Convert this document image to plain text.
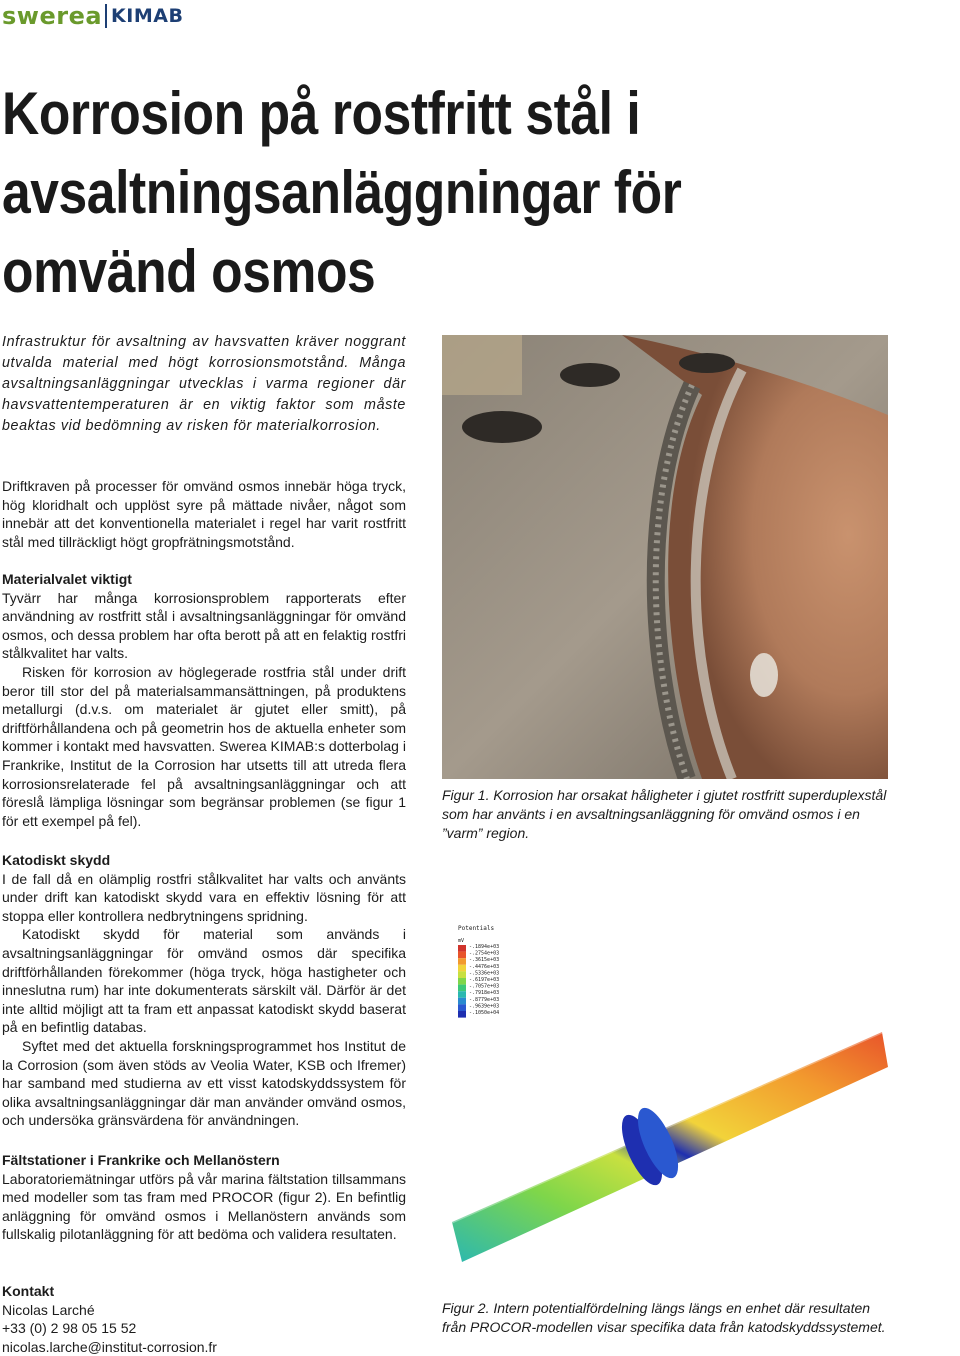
swerea KIMAB
Korrosion på rostfritt stål i avsaltningsanläggningar för omvänd osmos

Infrastruktur för avsaltning av havsvatten kräver noggrant utvalda material med högt korrosionsmotstånd. Många avsaltningsanläggningar utvecklas i varma regioner där havsvattentemperaturen är en viktig faktor som måste beaktas vid bedömning av risken för materialkorrosion.

Driftkraven på processer för omvänd osmos innebär höga tryck, hög kloridhalt och upplöst syre på mättade nivåer, något som innebär att det konventionella materialet i regel har varit rostfritt stål med tillräckligt högt gropfrätningsmotstånd.

Materialvalet viktigt

Tyvärr har många korrosionsproblem rapporterats efter användning av rostfritt stål i avsaltningsanläggningar för omvänd osmos, och dessa problem har ofta berott på att en felaktig rostfri stålkvalitet har valts.

Risken för korrosion av höglegerade rostfria stål under drift beror till stor del på materialsammansättningen, på produktens metallurgi (d.v.s. om materialet är gjutet eller smitt), på driftförhållandena och på geometrin hos de aktuella enheter som kommer i kontakt med havsvatten. Swerea KIMAB:s dotterbolag i Frankrike, Institut de la Corrosion har utsetts till att utreda flera korrosionsrelaterade fel på avsaltningsanläggningar och att föreslå lämpliga lösningar som begränsar problemen (se figur 1 för ett exempel på fel).

Katodiskt skydd

I de fall då en olämplig rostfri stålkvalitet har valts och använts under drift kan katodiskt skydd vara en effektiv lösning för att stoppa eller kontrollera nedbrytningens spridning.

Katodiskt skydd för material som används i avsaltningsanläggningar för omvänd osmos där specifika driftförhållanden förekommer (höga tryck, höga hastigheter och inneslutna rum) har inte dokumenterats särskilt väl. Därför är det inte alltid möjligt att ta fram ett anpassat katodiskt skydd baserat på en befintlig databas.

Syftet med det aktuella forskningsprogrammet hos Institut de la Corrosion (som även stöds av Veolia Water, KSB och Ifremer) har samband med studierna av ett visst katodskyddssystem för olika avsaltningsanläggningar där man använder omvänd osmos, och undersöka gränsvärdena för användningen.

Fältstationer i Frankrike och Mellanöstern

Laboratoriemätningar utförs på vår marina fältstation tillsammans med modeller som tas fram med PROCOR (figur 2). En befintlig anläggning för omvänd osmos i Mellanöstern används som fullskalig pilotanläggning för att bedöma och validera resultaten.

Kontakt
Nicolas Larché
+33 (0) 2 98 05 15 52
nicolas.larche@institut-corrosion.fr
Figur 1. Korrosion har orsakat håligheter i gjutet rostfritt superduplexstål som har använts i en avsaltningsanläggning för omvänd osmos i en ”varm” region.
Potentials
mV
-.1894e+03
-.2754e+03
-.3615e+03
-.4476e+03
-.5336e+03
-.6197e+03
-.7057e+03
-.7918e+03
-.8779e+03
-.9639e+03
-.1050e+04
Figur 2. Intern potentialfördelning längs längs en enhet där resultaten från PROCOR-modellen visar specifika data från katodskyddssystemet.
